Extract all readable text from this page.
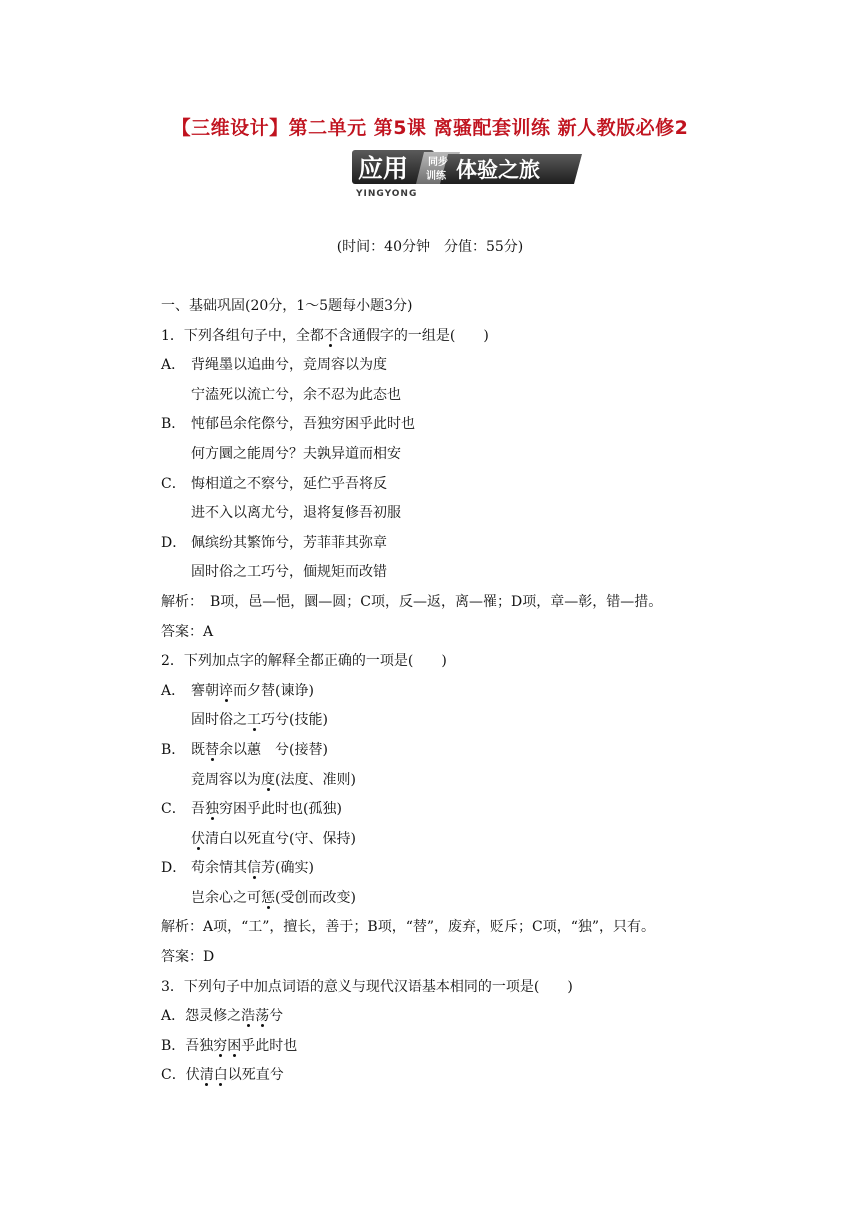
【三维设计】第二单元 第5课 离骚配套训练 新人教版必修2
应用 同步
训练 体验之旅
YINGYONG
(时间：40分钟　分值：55分)
一、基础巩固(20分，1～5题每小题3分)
1．下列各组句子中，全都不含通假字的一组是(　　)
A． 背绳墨以追曲兮，竞周容以为度
宁溘死以流亡兮，余不忍为此态也
B． 忳郁邑余侘傺兮，吾独穷困乎此时也
何方圜之能周兮？夫孰异道而相安
C． 悔相道之不察兮，延伫乎吾将反
进不入以离尤兮，退将复修吾初服
D． 佩缤纷其繁饰兮，芳菲菲其弥章
固时俗之工巧兮，偭规矩而改错
解析：　B项，邑—悒，圜—圆；C项，反—返，离—罹；D项，章—彰，错—措。
答案：A
2．下列加点字的解释全都正确的一项是(　　)
A． 謇朝谇而夕替(谏诤)
固时俗之工巧兮(技能)
B． 既替余以蕙　兮(接替)
竞周容以为度(法度、准则)
C． 吾独穷困乎此时也(孤独)
伏清白以死直兮(守、保持)
D． 苟余情其信芳(确实)
岂余心之可惩(受创而改变)
解析：A项，“工”，擅长，善于；B项，“替”，废弃，贬斥；C项，“独”，只有。
答案：D
3．下列句子中加点词语的意义与现代汉语基本相同的一项是(　　)
A．怨灵修之浩荡兮
B．吾独穷困乎此时也
C．伏清白以死直兮
